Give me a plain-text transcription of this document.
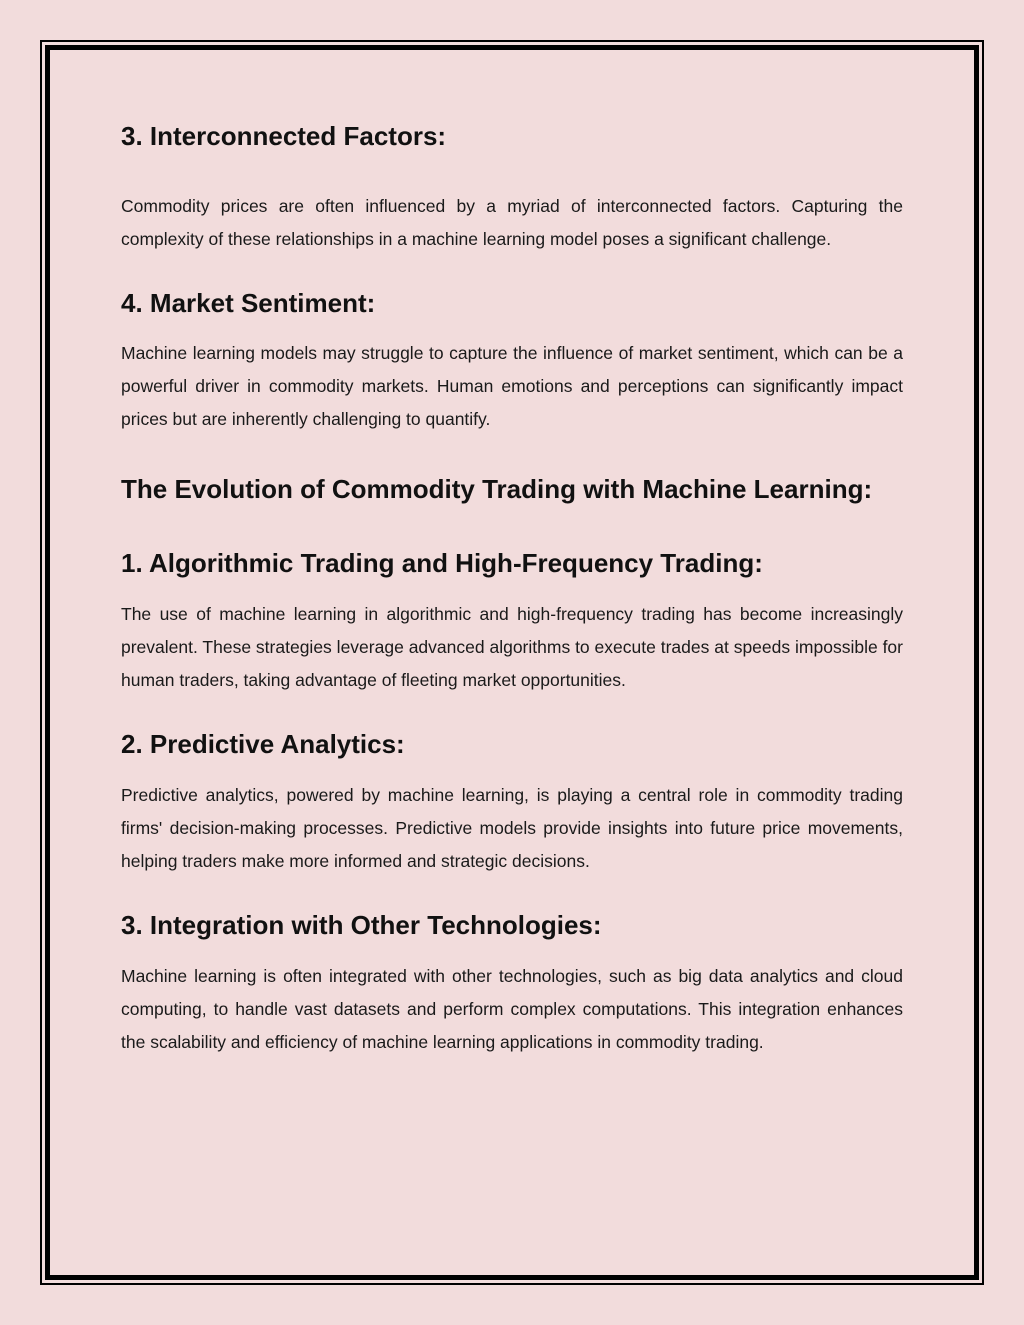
3. Interconnected Factors:

Commodity prices are often influenced by a myriad of interconnected factors. Capturing the complexity of these relationships in a machine learning model poses a significant challenge.

4. Market Sentiment:

Machine learning models may struggle to capture the influence of market sentiment, which can be a powerful driver in commodity markets. Human emotions and perceptions can significantly impact prices but are inherently challenging to quantify.

The Evolution of Commodity Trading with Machine Learning:
1. Algorithmic Trading and High-Frequency Trading:

The use of machine learning in algorithmic and high-frequency trading has become increasingly prevalent. These strategies leverage advanced algorithms to execute trades at speeds impossible for human traders, taking advantage of fleeting market opportunities.

2. Predictive Analytics:

Predictive analytics, powered by machine learning, is playing a central role in commodity trading firms' decision-making processes. Predictive models provide insights into future price movements, helping traders make more informed and strategic decisions.

3. Integration with Other Technologies:

Machine learning is often integrated with other technologies, such as big data analytics and cloud computing, to handle vast datasets and perform complex computations. This integration enhances the scalability and efficiency of machine learning applications in commodity trading.
